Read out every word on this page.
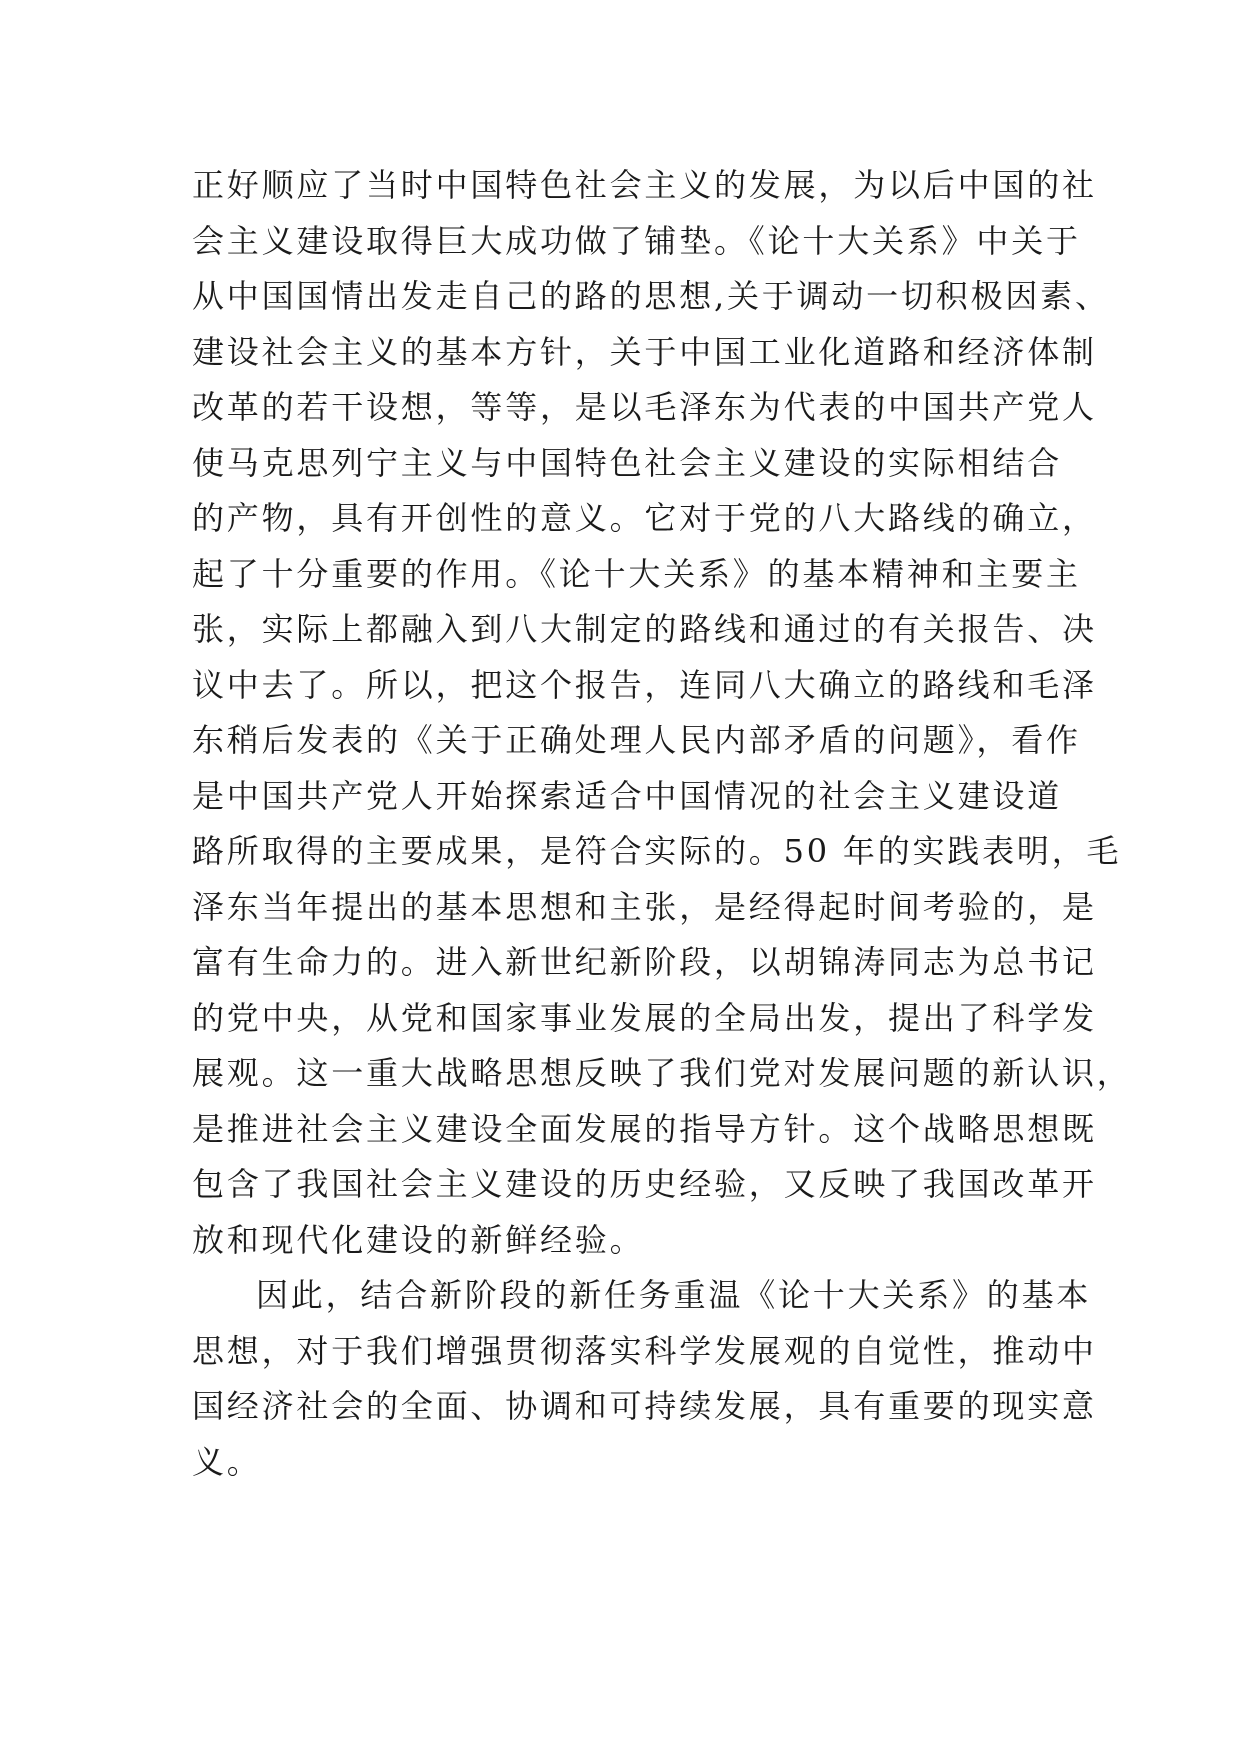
正好顺应了当时中国特色社会主义的发展，为以后中国的社
会主义建设取得巨大成功做了铺垫。《论十大关系》中关于
从中国国情出发走自己的路的思想,关于调动一切积极因素、
建设社会主义的基本方针，关于中国工业化道路和经济体制
改革的若干设想，等等，是以毛泽东为代表的中国共产党人
使马克思列宁主义与中国特色社会主义建设的实际相结合
的产物，具有开创性的意义。它对于党的八大路线的确立，
起了十分重要的作用。《论十大关系》的基本精神和主要主
张，实际上都融入到八大制定的路线和通过的有关报告、决
议中去了。所以，把这个报告，连同八大确立的路线和毛泽
东稍后发表的《关于正确处理人民内部矛盾的问题》，看作
是中国共产党人开始探索适合中国情况的社会主义建设道
路所取得的主要成果，是符合实际的。50 年的实践表明，毛
泽东当年提出的基本思想和主张，是经得起时间考验的，是
富有生命力的。进入新世纪新阶段，以胡锦涛同志为总书记
的党中央，从党和国家事业发展的全局出发，提出了科学发
展观。这一重大战略思想反映了我们党对发展问题的新认识，
是推进社会主义建设全面发展的指导方针。这个战略思想既
包含了我国社会主义建设的历史经验，又反映了我国改革开
放和现代化建设的新鲜经验。
因此，结合新阶段的新任务重温《论十大关系》的基本
思想，对于我们增强贯彻落实科学发展观的自觉性，推动中
国经济社会的全面、协调和可持续发展，具有重要的现实意
义。
